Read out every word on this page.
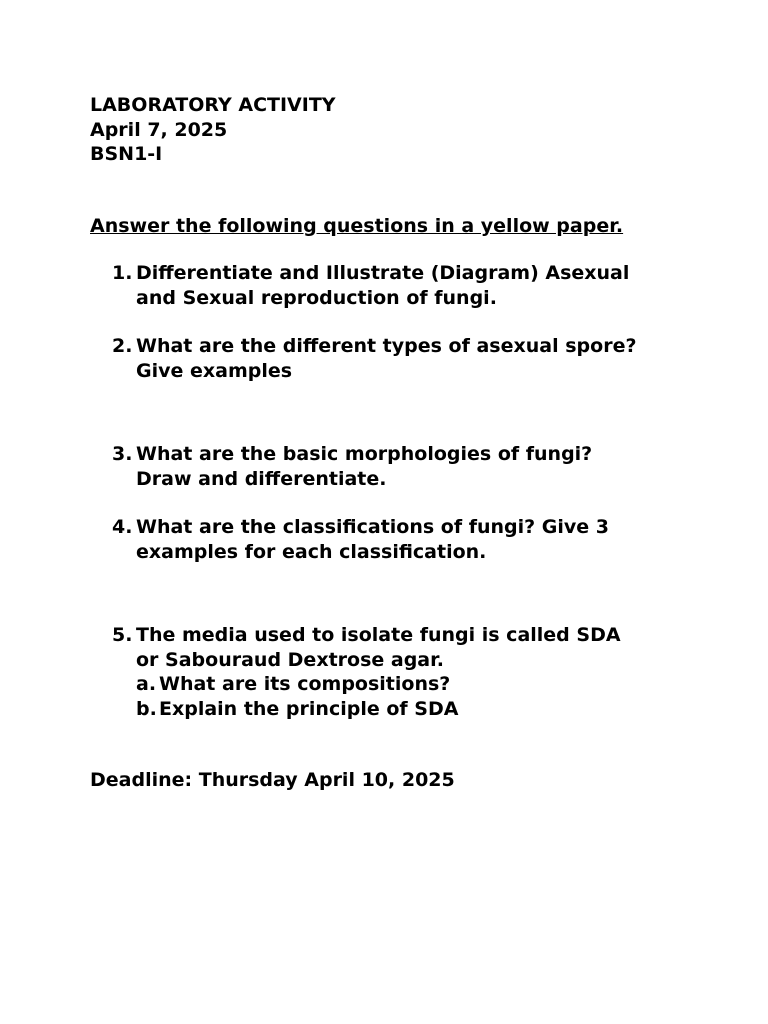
LABORATORY ACTIVITY
April 7, 2025
BSN1-I
Answer the following questions in a yellow paper.
1. Differentiate and Illustrate (Diagram) Asexual
and Sexual reproduction of fungi.
2. What are the different types of asexual spore?
Give examples
3. What are the basic morphologies of fungi?
Draw and differentiate.
4. What are the classifications of fungi? Give 3
examples for each classification.
5. The media used to isolate fungi is called SDA
or Sabouraud Dextrose agar.
a. What are its compositions?
b. Explain the principle of SDA
Deadline: Thursday April 10, 2025
